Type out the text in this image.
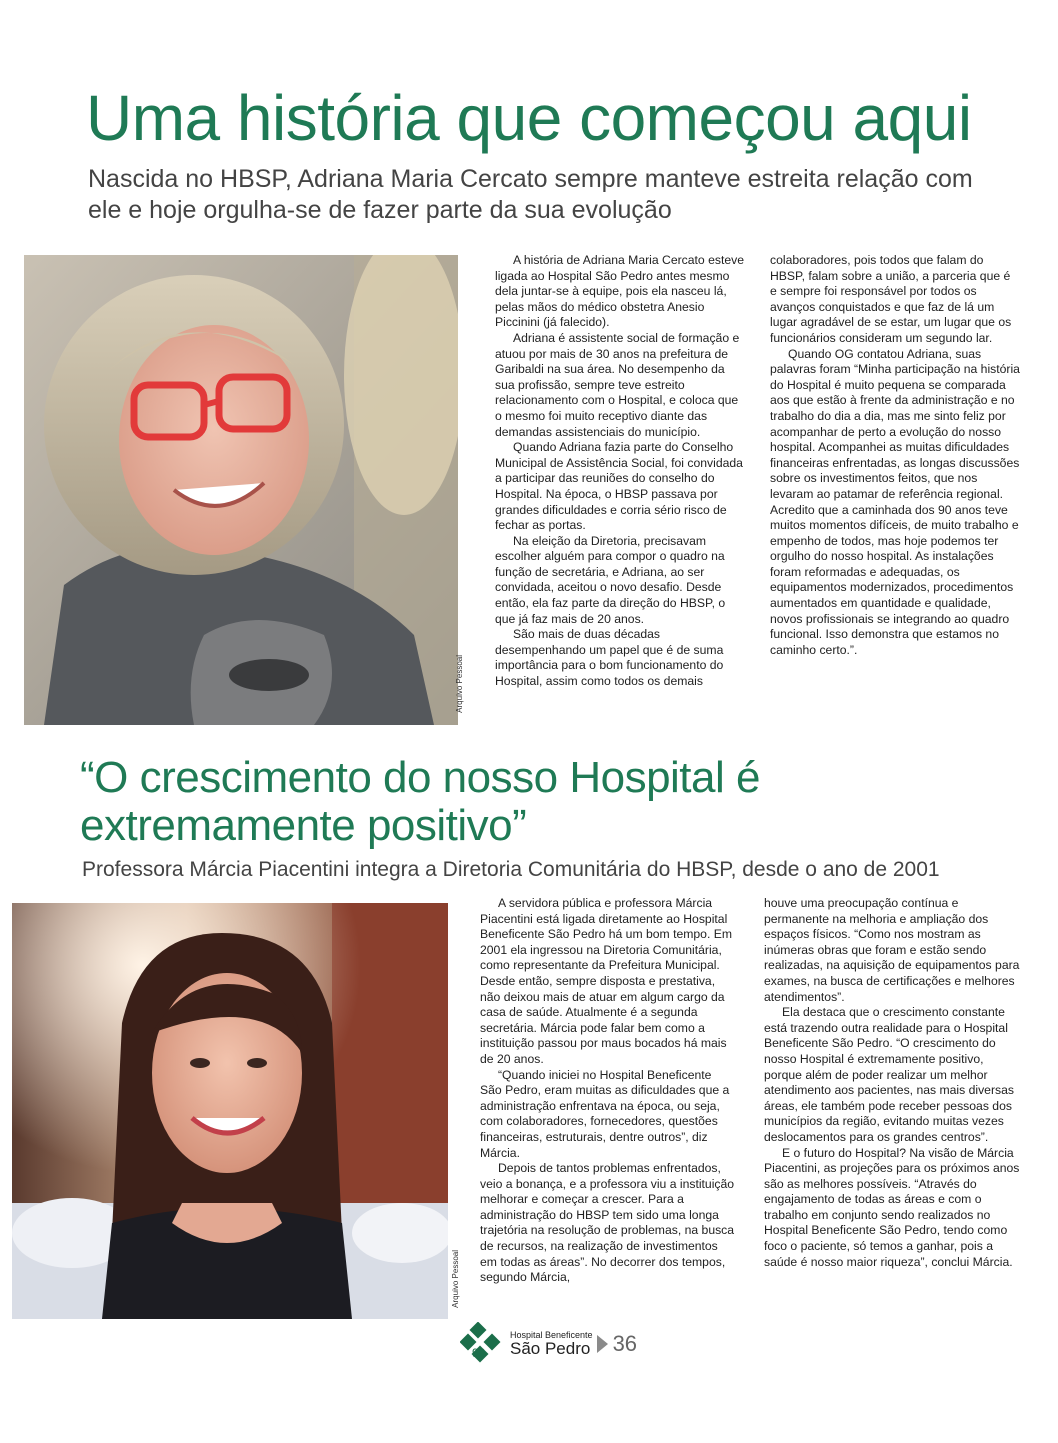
Uma história que começou aqui

Nascida no HBSP, Adriana Maria Cercato sempre manteve estreita relação com ele e hoje orgulha-se de fazer parte da sua evolução

Arquivo Pessoal

A história de Adriana Maria Cercato esteve ligada ao Hospital São Pedro antes mesmo dela juntar-se à equipe, pois ela nasceu lá, pelas mãos do médico obstetra Anesio Piccinini (já falecido).

Adriana é assistente social de formação e atuou por mais de 30 anos na prefeitura de Garibaldi na sua área. No desempenho da sua profissão, sempre teve estreito relacionamento com o Hospital, e coloca que o mesmo foi muito receptivo diante das demandas assistenciais do município.

Quando Adriana fazia parte do Conselho Municipal de Assistência Social, foi convidada a participar das reuniões do conselho do Hospital. Na época, o HBSP passava por grandes dificuldades e corria sério risco de fechar as portas.

Na eleição da Diretoria, precisavam escolher alguém para compor o quadro na função de secretária, e Adriana, ao ser convidada, aceitou o novo desafio. Desde então, ela faz parte da direção do HBSP, o que já faz mais de 20 anos.

São mais de duas décadas desempenhando um papel que é de suma importância para o bom funcionamento do Hospital, assim como todos os demais

colaboradores, pois todos que falam do HBSP, falam sobre a união, a parceria que é e sempre foi responsável por todos os avanços conquistados e que faz de lá um lugar agradável de se estar, um lugar que os funcionários consideram um segundo lar.

Quando OG contatou Adriana, suas palavras foram “Minha participação na história do Hospital é muito pequena se comparada aos que estão à frente da administração e no trabalho do dia a dia, mas me sinto feliz por acompanhar de perto a evolução do nosso hospital. Acompanhei as muitas dificuldades financeiras enfrentadas, as longas discussões sobre os investimentos feitos, que nos levaram ao patamar de referência regional. Acredito que a caminhada dos 90 anos teve muitos momentos difíceis, de muito trabalho e empenho de todos, mas hoje podemos ter orgulho do nosso hospital. As instalações foram reformadas e adequadas, os equipamentos modernizados, procedimentos aumentados em quantidade e qualidade, novos profissionais se integrando ao quadro funcional. Isso demonstra que estamos no caminho certo.”.

“O crescimento do nosso Hospital é extremamente positivo”

Professora Márcia Piacentini integra a Diretoria Comunitária do HBSP, desde o ano de 2001

Arquivo Pessoal

A servidora pública e professora Márcia Piacentini está ligada diretamente ao Hospital Beneficente São Pedro há um bom tempo. Em 2001 ela ingressou na Diretoria Comunitária, como representante da Prefeitura Municipal. Desde então, sempre disposta e prestativa, não deixou mais de atuar em algum cargo da casa de saúde. Atualmente é a segunda secretária. Márcia pode falar bem como a instituição passou por maus bocados há mais de 20 anos.

“Quando iniciei no Hospital Beneficente São Pedro, eram muitas as dificuldades que a administração enfrentava na época, ou seja, com colaboradores, fornecedores, questões financeiras, estruturais, dentre outros”, diz Márcia.

Depois de tantos problemas enfrentados, veio a bonança, e a professora viu a instituição melhorar e começar a crescer. Para a administração do HBSP tem sido uma longa trajetória na resolução de problemas, na busca de recursos, na realização de investimentos em todas as áreas”. No decorrer dos tempos, segundo Márcia,

houve uma preocupação contínua e permanente na melhoria e ampliação dos espaços físicos. “Como nos mostram as inúmeras obras que foram e estão sendo realizadas, na aquisição de equipamentos para exames, na busca de certificações e melhores atendimentos”.

Ela destaca que o crescimento constante está trazendo outra realidade para o Hospital Beneficente São Pedro. “O crescimento do nosso Hospital é extremamente positivo, porque além de poder realizar um melhor atendimento aos pacientes, nas mais diversas áreas, ele também pode receber pessoas dos municípios da região, evitando muitas vezes deslocamentos para os grandes centros”.

E o futuro do Hospital? Na visão de Márcia Piacentini, as projeções para os próximos anos são as melhores possíveis. “Através do engajamento de todas as áreas e com o trabalho em conjunto sendo realizados no Hospital Beneficente São Pedro, tendo como foco o paciente, só temos a ganhar, pois a saúde é nosso maior riqueza”, conclui Márcia.

90
Hospital Beneficente
São Pedro 36
